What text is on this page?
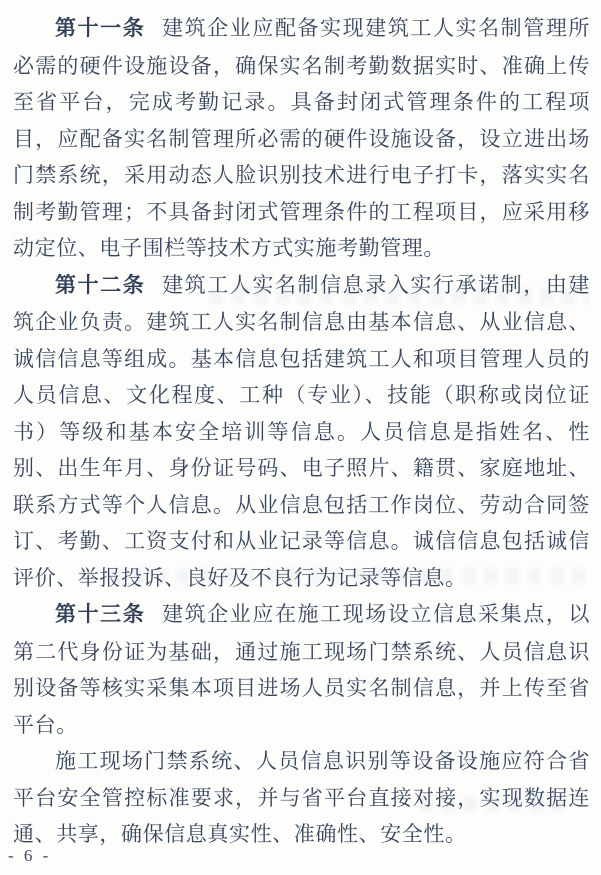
第十一条 建筑企业应配备实现建筑工人实名制管理所必需的硬件设施设备，确保实名制考勤数据实时、准确上传至省平台，完成考勤记录。具备封闭式管理条件的工程项目，应配备实名制管理所必需的硬件设施设备，设立进出场门禁系统，采用动态人脸识别技术进行电子打卡，落实实名制考勤管理；不具备封闭式管理条件的工程项目，应采用移动定位、电子围栏等技术方式实施考勤管理。

第十二条 建筑工人实名制信息录入实行承诺制，由建筑企业负责。建筑工人实名制信息由基本信息、从业信息、诚信信息等组成。基本信息包括建筑工人和项目管理人员的人员信息、文化程度、工种（专业）、技能（职称或岗位证书）等级和基本安全培训等信息。人员信息是指姓名、性别、出生年月、身份证号码、电子照片、籍贯、家庭地址、联系方式等个人信息。从业信息包括工作岗位、劳动合同签订、考勤、工资支付和从业记录等信息。诚信信息包括诚信评价、举报投诉、良好及不良行为记录等信息。

第十三条 建筑企业应在施工现场设立信息采集点，以第二代身份证为基础，通过施工现场门禁系统、人员信息识别设备等核实采集本项目进场人员实名制信息，并上传至省平台。

施工现场门禁系统、人员信息识别等设备设施应符合省平台安全管控标准要求，并与省平台直接对接，实现数据连通、共享，确保信息真实性、准确性、安全性。

- 6 -
